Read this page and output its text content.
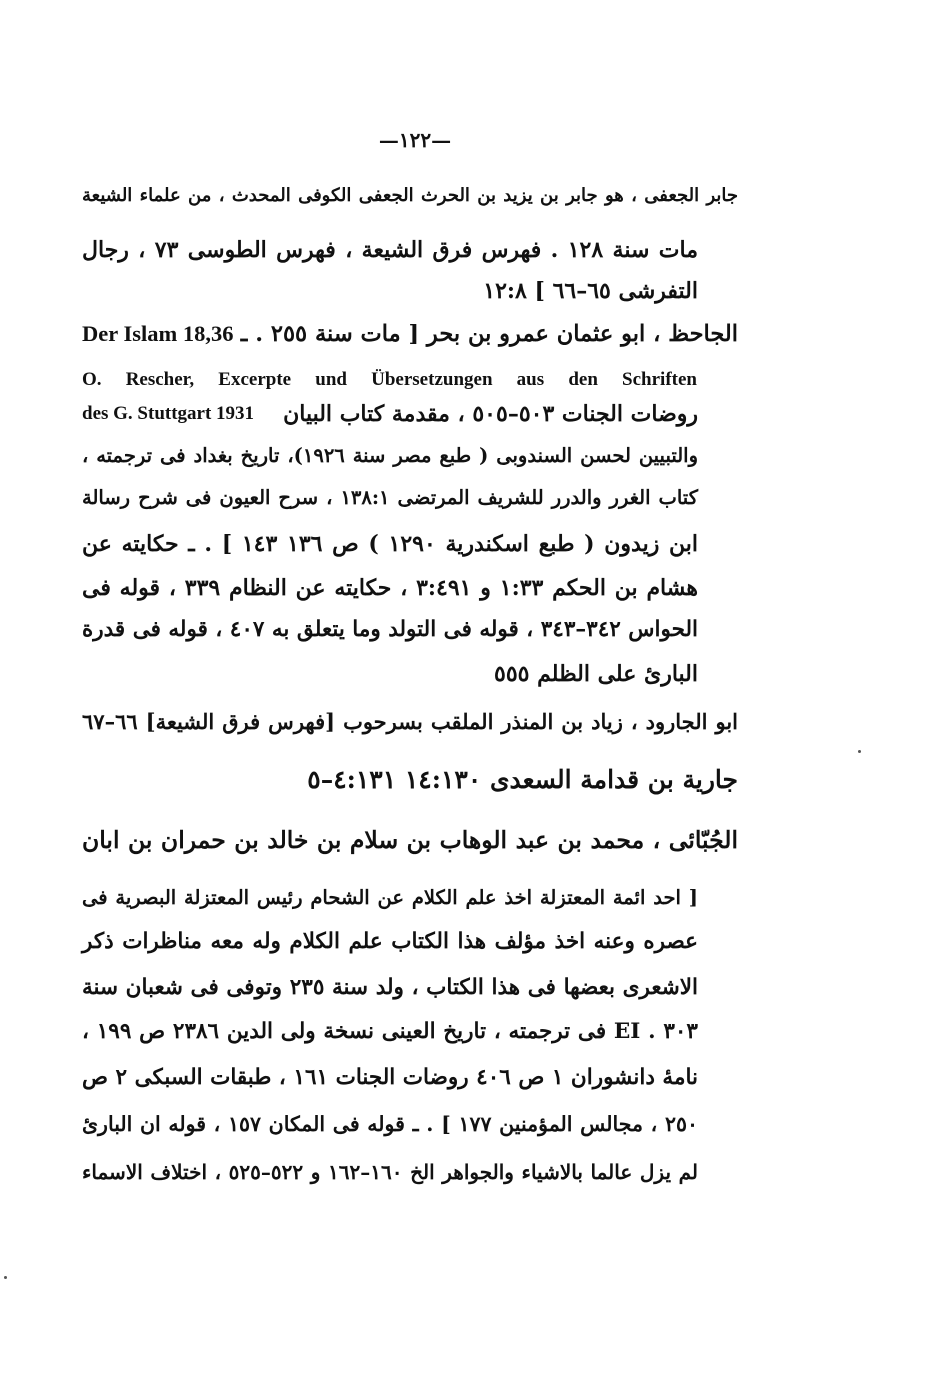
—١٢٢—
جابر الجعفى ، هو جابر بن يزيد بن الحرث الجعفى الكوفى المحدث ، من علماء الشيعة
مات سنة ١٢٨ . فهرس فرق الشيعة ، فهرس الطوسى ٧٣ ، رجال
التفرشى ٦٥–٦٦ ] ١٢:٨
Der Islam 18,36 الجاحظ ، ابو عثمان عمرو بن بحر [ مات سنة ٢٥٥ . ـ
O. Rescher, Excerpte und Übersetzungen aus den Schriften
des G. Stuttgart 1931 روضات الجنات ٥٠٣–٥٠٥ ، مقدمة كتاب البيان
والتبيين لحسن السندوبى ( طبع مصر سنة ١٩٢٦)، تاريخ بغداد فى ترجمته ،
كتاب الغرر والدرر للشريف المرتضى ١٣٨:١ ، سرح العيون فى شرح رسالة
ابن زيدون ( طبع اسكندرية ١٢٩٠ ) ص ١٣٦ ١٤٣ ] . ـ حكايته عن
هشام بن الحكم ١:٣٣ و ٣:٤٩١ ، حكايته عن النظام ٣٣٩ ، قوله فى
الحواس ٣٤٢–٣٤٣ ، قوله فى التولد وما يتعلق به ٤٠٧ ، قوله فى قدرة
البارىٔ على الظلم ٥٥٥
ابو الجارود ، زياد بن المنذر الملقب بسرحوب [فهرس فرق الشيعة] ٦٦–٦٧
جارية بن قدامة السعدى ١٤:١٣٠ ٤:١٣١–٥
الجُبّائى ، محمد بن عبد الوهاب بن سلام بن خالد بن حمران بن ابان
[ احد ائمة المعتزلة اخذ علم الكلام عن الشحام رئيس المعتزلة البصرية فى
عصره وعنه اخذ مؤلف هذا الكتاب علم الكلام وله معه مناظرات ذكر
الاشعرى بعضها فى هذا الكتاب ، ولد سنة ٢٣٥ وتوفى فى شعبان سنة
٣٠٣ . EI فى ترجمته ، تاريخ العينى نسخة ولى الدين ٢٣٨٦ ص ١٩٩ ،
نامهٔ دانشوران ١ ص ٤٠٦ روضات الجنات ١٦١ ، طبقات السبكى ٢ ص
٢٥٠ ، مجالس المؤمنين ١٧٧ ] . ـ قوله فى المكان ١٥٧ ، قوله ان البارىٔ
لم يزل عالما بالاشياء والجواهر الخ ١٦٠–١٦٢ و ٥٢٢–٥٢٥ ، اختلاف الاسماء
